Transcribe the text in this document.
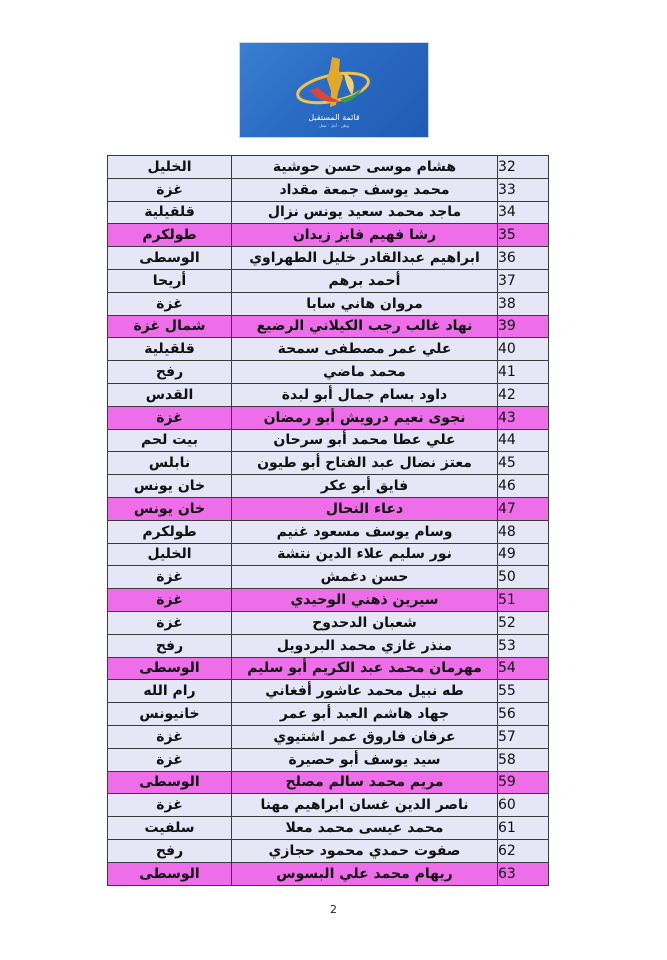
قائمة المستقبل
وطن · أمل · عمل
32	هشام موسى حسن حوشية	الخليل
33	محمد يوسف جمعة مقداد	غزة
34	ماجد محمد سعيد يونس نزال	قلقيلية
35	رشا فهيم فايز زيدان	طولكرم
36	ابراهيم عبدالقادر خليل الطهراوي	الوسطى
37	أحمد برهم	أريحا
38	مروان هاني سابا	غزة
39	نهاد غالب رجب الكيلاني الرضيع	شمال غزة
40	علي عمر مصطفى سمحة	قلقيلية
41	محمد ماضي	رفح
42	داود بسام جمال أبو لبدة	القدس
43	نجوى نعيم درويش أبو رمضان	غزة
44	علي عطا محمد أبو سرحان	بيت لحم
45	معتز نضال عبد الفتاح أبو طيون	نابلس
46	فايق أبو عكر	خان يونس
47	دعاء النحال	خان يونس
48	وسام يوسف مسعود غنيم	طولكرم
49	نور سليم علاء الدين نتشة	الخليل
50	حسن دغمش	غزة
51	سيرين ذهني الوحيدي	غزة
52	شعبان الدحدوح	غزة
53	منذر غازي محمد البردويل	رفح
54	مهرمان محمد عبد الكريم أبو سليم	الوسطى
55	طه نبيل محمد عاشور أفغاني	رام الله
56	جهاد هاشم العبد أبو عمر	خانيونس
57	عرفان فاروق عمر اشتيوي	غزة
58	سيد يوسف أبو حصيرة	غزة
59	مريم محمد سالم مصلح	الوسطى
60	ناصر الدين غسان ابراهيم مهنا	غزة
61	محمد عيسى محمد معلا	سلفيت
62	صفوت حمدي محمود حجازي	رفح
63	ريهام محمد علي البسوس	الوسطى
2
